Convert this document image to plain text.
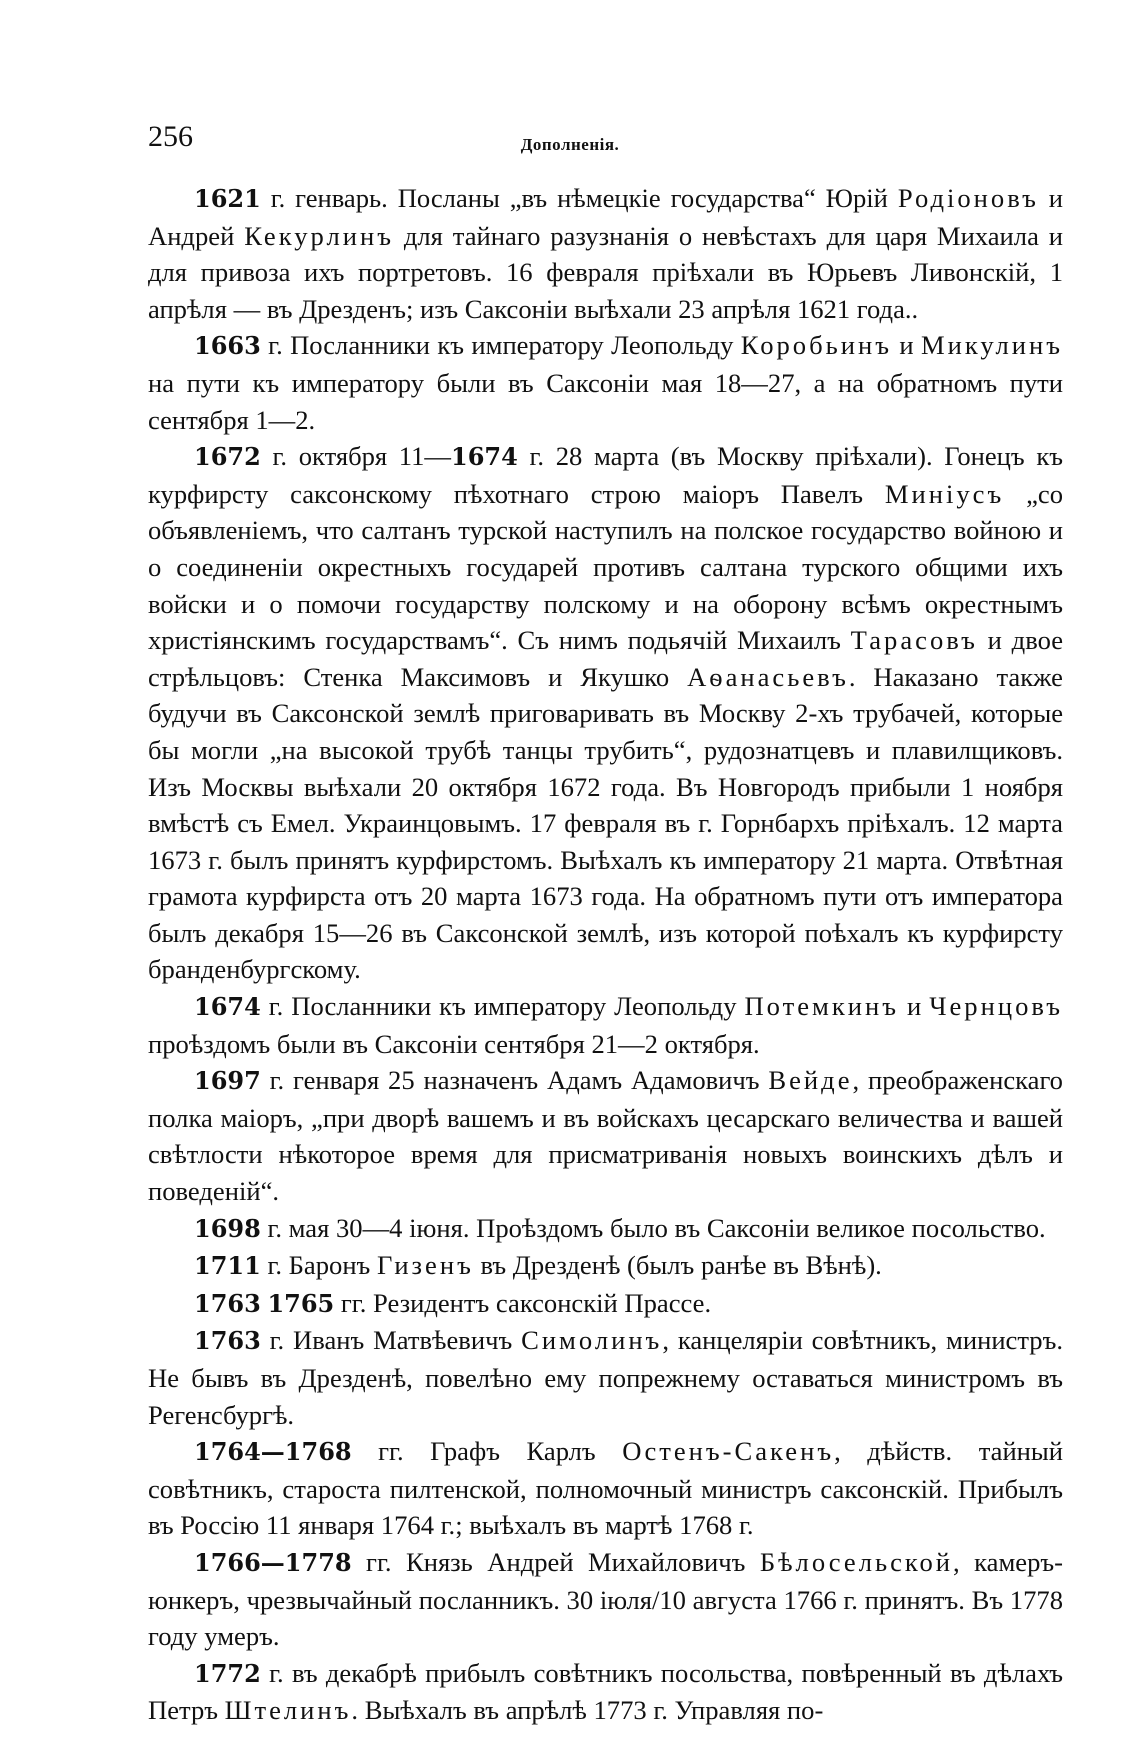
256	Дополненія.

1621 г. генварь. Посланы „въ нѣмецкіе государства“ Юрій Родіоновъ и Андрей Кекурлинъ для тайнаго разузнанія о невѣстахъ для царя Михаила и для привоза ихъ портретовъ. 16 февраля пріѣхали въ Юрьевъ Ливонскій, 1 апрѣля — въ Дрезденъ; изъ Саксоніи выѣхали 23 апрѣля 1621 года..

1663 г. Посланники къ императору Леопольду Коробьинъ и Микулинъ на пути къ императору были въ Саксоніи мая 18—27, а на обратномъ пути сентября 1—2.

1672 г. октября 11—1674 г. 28 марта (въ Москву пріѣхали). Гонецъ къ курфирсту саксонскому пѣхотнаго строю маіоръ Павелъ Миніусъ „со объявленіемъ, что салтанъ турской наступилъ на полское государство войною и о соединеніи окрестныхъ государей противъ салтана турского общими ихъ войски и о помочи государству полскому и на оборону всѣмъ окрестнымъ христіянскимъ государствамъ“. Съ нимъ подьячій Михаилъ Тарасовъ и двое стрѣльцовъ: Стенка Максимовъ и Якушко Аѳанасьевъ. Наказано также будучи въ Саксонской землѣ приговаривать въ Москву 2-хъ трубачей, которые бы могли „на высокой трубѣ танцы трубить“, рудознатцевъ и плавилщиковъ. Изъ Москвы выѣхали 20 октября 1672 года. Въ Новгородъ прибыли 1 ноября вмѣстѣ съ Емел. Украинцовымъ. 17 февраля въ г. Горнбархъ пріѣхалъ. 12 марта 1673 г. былъ принятъ курфирстомъ. Выѣхалъ къ императору 21 марта. Отвѣтная грамота курфирста отъ 20 марта 1673 года. На обратномъ пути отъ императора былъ декабря 15—26 въ Саксонской землѣ, изъ которой поѣхалъ къ курфирсту бранденбургскому.

1674 г. Посланники къ императору Леопольду Потемкинъ и Чернцовъ проѣздомъ были въ Саксоніи сентября 21—2 октября.

1697 г. генваря 25 назначенъ Адамъ Адамовичъ Вейде, преображенскаго полка маіоръ, „при дворѣ вашемъ и въ войскахъ цесарскаго величества и вашей свѣтлости нѣкоторое время для присматриванія новыхъ воинскихъ дѣлъ и поведеній“.

1698 г. мая 30—4 іюня. Проѣздомъ было въ Саксоніи великое посольство.

1711 г. Баронъ Гизенъ въ Дрезденѣ (былъ ранѣе въ Вѣнѣ).

1763 1765 гг. Резидентъ саксонскій Прассе.

1763 г. Иванъ Матвѣевичъ Симолинъ, канцеляріи совѣтникъ, министръ. Не бывъ въ Дрезденѣ, повелѣно ему попрежнему оставаться министромъ въ Регенсбургѣ.

1764—1768 гг. Графъ Карлъ Остенъ-Сакенъ, дѣйств. тайный совѣтникъ, староста пилтенской, полномочный министръ саксонскій. Прибылъ въ Россію 11 января 1764 г.; выѣхалъ въ мартѣ 1768 г.

1766—1778 гг. Князь Андрей Михайловичъ Бѣлосельской, камеръ-юнкеръ, чрезвычайный посланникъ. 30 іюля/10 августа 1766 г. принятъ. Въ 1778 году умеръ.

1772 г. въ декабрѣ прибылъ совѣтникъ посольства, повѣренный въ дѣлахъ Петръ Штелинъ. Выѣхалъ въ апрѣлѣ 1773 г. Управляя по-
